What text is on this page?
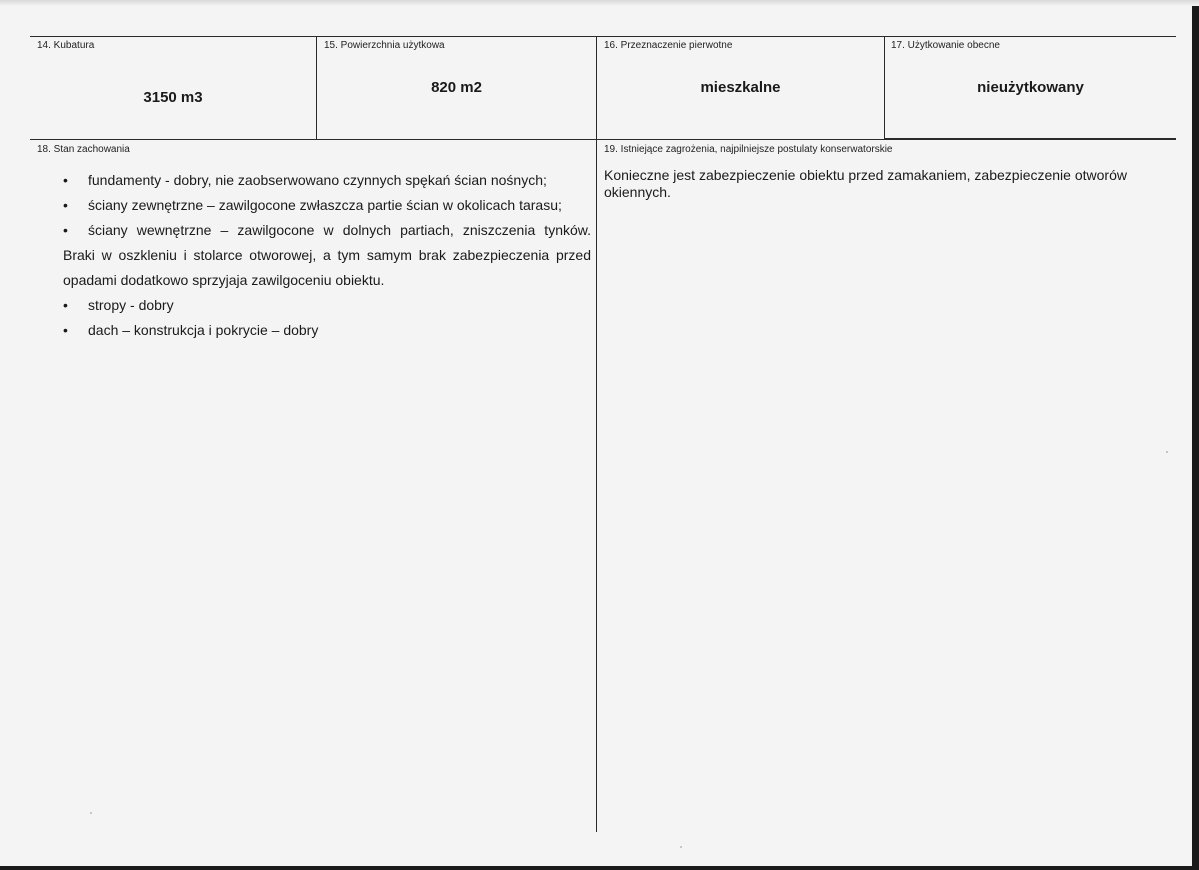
14. Kubatura
3150 m3
15. Powierzchnia użytkowa
820 m2
16. Przeznaczenie pierwotne
mieszkalne
17. Użytkowanie obecne
nieużytkowany
18. Stan zachowania
•	fundamenty - dobry, nie zaobserwowano czynnych spękań ścian nośnych;
•	ściany zewnętrzne – zawilgocone zwłaszcza partie ścian w okolicach tarasu;
•	ściany wewnętrzne – zawilgocone w dolnych partiach, zniszczenia tynków.
Braki w oszkleniu i stolarce otworowej, a tym samym brak zabezpieczenia przed
opadami dodatkowo sprzyjaja zawilgoceniu obiektu.
•	stropy - dobry
•	dach – konstrukcja i pokrycie – dobry
19. Istniejące zagrożenia, najpilniejsze postulaty konserwatorskie
Konieczne jest zabezpieczenie obiektu przed zamakaniem, zabezpieczenie otworów okiennych.
